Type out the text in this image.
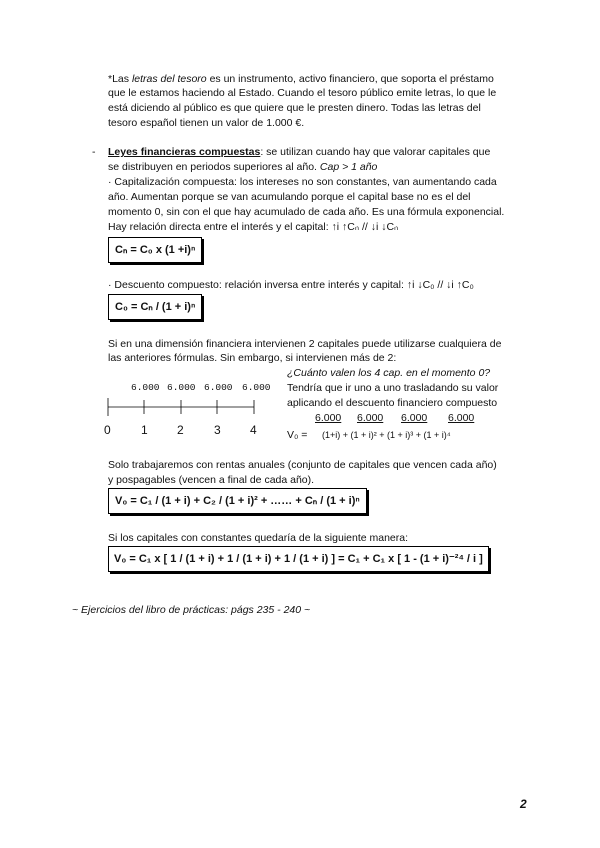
*Las letras del tesoro es un instrumento, activo financiero, que soporta el préstamo
que le estamos haciendo al Estado. Cuando el tesoro público emite letras, lo que le
está diciendo al público es que quiere que le presten dinero. Todas las letras del
tesoro español tienen un valor de 1.000 €.
- Leyes financieras compuestas: se utilizan cuando hay que valorar capitales que
se distribuyen en periodos superiores al año. Cap > 1 año
· Capitalización compuesta: los intereses no son constantes, van aumentando cada
año. Aumentan porque se van acumulando porque el capital base no es el del
momento 0, sin con el que hay acumulado de cada año. Es una fórmula exponencial.
Hay relación directa entre el interés y el capital: ↑i ↑Cₙ // ↓i ↓Cₙ
Cₙ = C₀ x (1 +i)ⁿ
· Descuento compuesto: relación inversa entre interés y capital: ↑i ↓C₀ // ↓i ↑C₀
C₀ = Cₙ / (1 + i)ⁿ
Si en una dimensión financiera intervienen 2 capitales puede utilizarse cualquiera de
las anteriores fórmulas. Sin embargo, si intervienen más de 2:
6.000 6.000 6.000 6.000
0	1 2	3 4
¿Cuánto valen los 4 cap. en el momento 0?
Tendría que ir uno a uno trasladando su valor
aplicando el descuento financiero compuesto
6.000 6.000 6.000 6.000
V₀ = (1+i) + (1 + i)² + (1 + i)³ + (1 + i)⁴
Solo trabajaremos con rentas anuales (conjunto de capitales que vencen cada año)
y pospagables (vencen a final de cada año).
V₀ = C₁ / (1 + i) + C₂ / (1 + i)² + …… + Cₙ / (1 + i)ⁿ
Si los capitales con constantes quedaría de la siguiente manera:
V₀ = C₁ x [ 1 / (1 + i) + 1 / (1 + i) + 1 / (1 + i) ] = C₁ + C₁ x [ 1 - (1 + i)⁻²⁴ / i ]
~ Ejercicios del libro de prácticas: págs 235 - 240 ~
2
